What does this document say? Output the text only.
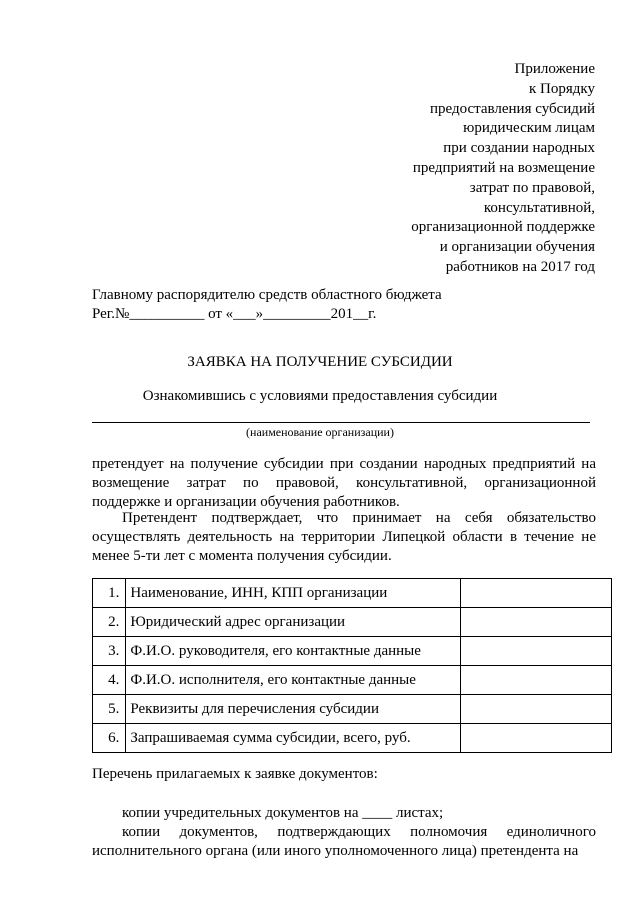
Приложение
к Порядку
предоставления субсидий
юридическим лицам
при создании народных
предприятий на возмещение
затрат по правовой,
консультативной,
организационной поддержке
и организации обучения
работников на 2017 год
Главному распорядителю средств областного бюджета
Рег.№__________ от «___»_________201__г.
ЗАЯВКА НА ПОЛУЧЕНИЕ СУБСИДИИ
Ознакомившись с условиями предоставления субсидии
(наименование организации)
претендует на получение субсидии при создании народных предприятий на возмещение затрат по правовой, консультативной, организационной поддержке и организации обучения работников.
Претендент подтверждает, что принимает на себя обязательство осуществлять деятельность на территории Липецкой области в течение не менее 5-ти лет с момента получения субсидии.
1.	Наименование, ИНН, КПП организации	
2.	Юридический адрес организации	
3.	Ф.И.О. руководителя, его контактные данные	
4.	Ф.И.О. исполнителя, его контактные данные	
5.	Реквизиты для перечисления субсидии	
6.	Запрашиваемая сумма субсидии, всего, руб.	
Перечень прилагаемых к заявке документов:
копии учредительных документов на ____ листах;
копии документов, подтверждающих полномочия единоличного исполнительного органа (или иного уполномоченного лица) претендента на
